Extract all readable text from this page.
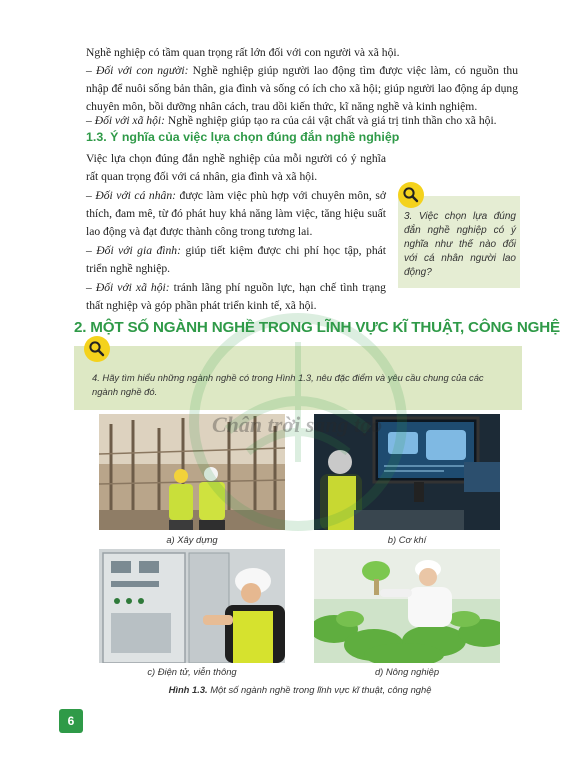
Nghề nghiệp có tầm quan trọng rất lớn đối với con người và xã hội.

– Đối với con người: Nghề nghiệp giúp người lao động tìm được việc làm, có nguồn thu nhập để nuôi sống bản thân, gia đình và sống có ích cho xã hội; giúp người lao động áp dụng chuyên môn, bồi dưỡng nhân cách, trau dồi kiến thức, kĩ năng nghề và kinh nghiệm.

– Đối với xã hội: Nghề nghiệp giúp tạo ra của cải vật chất và giá trị tinh thần cho xã hội.

1.3. Ý nghĩa của việc lựa chọn đúng đắn nghề nghiệp

Việc lựa chọn đúng đắn nghề nghiệp của mỗi người có ý nghĩa rất quan trọng đối với cá nhân, gia đình và xã hội.

– Đối với cá nhân: được làm việc phù hợp với chuyên môn, sở thích, đam mê, từ đó phát huy khả năng làm việc, tăng hiệu suất lao động và đạt được thành công trong tương lai.

– Đối với gia đình: giúp tiết kiệm được chi phí học tập, phát triển nghề nghiệp.

– Đối với xã hội: tránh lãng phí nguồn lực, hạn chế tình trạng thất nghiệp và góp phần phát triển kinh tế, xã hội.

3. Việc chọn lựa đúng đắn nghề nghiệp có ý nghĩa như thế nào đối với cá nhân người lao động?
2. MỘT SỐ NGÀNH NGHỀ TRONG LĨNH VỰC KĨ THUẬT, CÔNG NGHỆ
4. Hãy tìm hiểu những ngành nghề có trong Hình 1.3, nêu đặc điểm và yêu cầu chung của các ngành nghề đó.
a) Xây dựng	b) Cơ khí
c) Điện tử, viễn thông	d) Nông nghiệp
Hình 1.3. Một số ngành nghề trong lĩnh vực kĩ thuật, công nghệ
Chân trời sáng tạo
6
